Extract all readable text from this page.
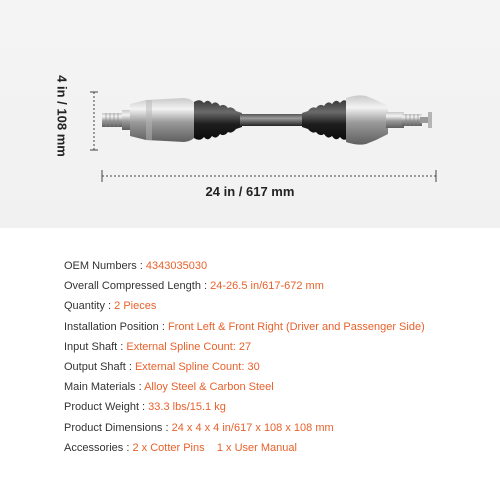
4 in / 108 mm
24 in / 617 mm
OEM Numbers : 4343035030
Overall Compressed Length : 24-26.5 in/617-672 mm
Quantity : 2 Pieces
Installation Position : Front Left & Front Right (Driver and Passenger Side)
Input Shaft : External Spline Count: 27
Output Shaft : External Spline Count: 30
Main Materials : Alloy Steel & Carbon Steel
Product Weight : 33.3 lbs/15.1 kg
Product Dimensions : 24 x 4 x 4 in/617 x 108 x 108 mm
Accessories : 2 x Cotter Pins    1 x User Manual
